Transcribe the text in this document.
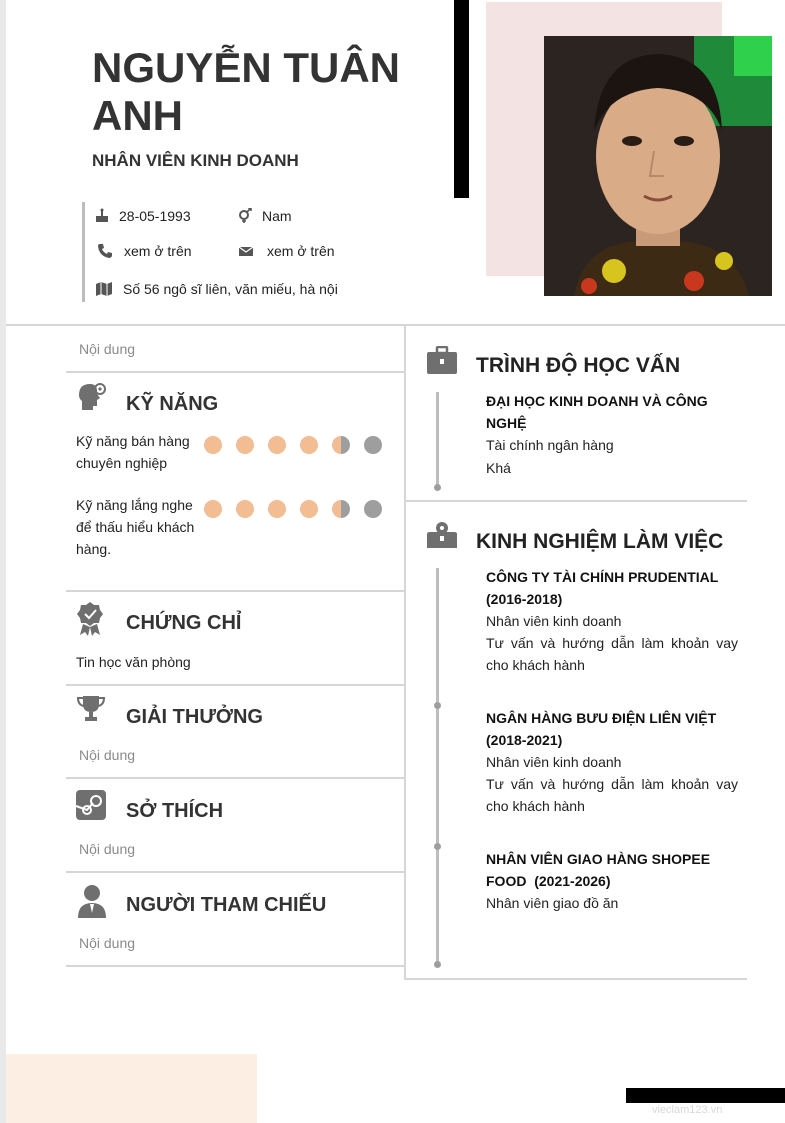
NGUYỄN TUÂN ANH
NHÂN VIÊN KINH DOANH
28-05-1993	Nam
xem ở trên	xem ở trên
Số 56 ngô sĩ liên, văn miếu, hà nội
Nội dung
KỸ NĂNG
Kỹ năng bán hàng chuyên nghiệp
Kỹ năng lắng nghe để thấu hiểu khách hàng.
CHỨNG CHỈ
Tin học văn phòng
GIẢI THƯỞNG
Nội dung
SỞ THÍCH
Nội dung
NGƯỜI THAM CHIẾU
Nội dung
TRÌNH ĐỘ HỌC VẤN
ĐẠI HỌC KINH DOANH VÀ CÔNG NGHỆ
Tài chính ngân hàng
Khá
KINH NGHIỆM LÀM VIỆC
CÔNG TY TÀI CHÍNH PRUDENTIAL (2016-2018)
Nhân viên kinh doanh
Tư vấn và hướng dẫn làm khoản vay cho khách hành
NGÂN HÀNG BƯU ĐIỆN LIÊN VIỆT (2018-2021)
Nhân viên kinh doanh
Tư vấn và hướng dẫn làm khoản vay cho khách hành
NHÂN VIÊN GIAO HÀNG SHOPEE FOOD  (2021-2026)
Nhân viên giao đồ ăn
vieclam123.vn
